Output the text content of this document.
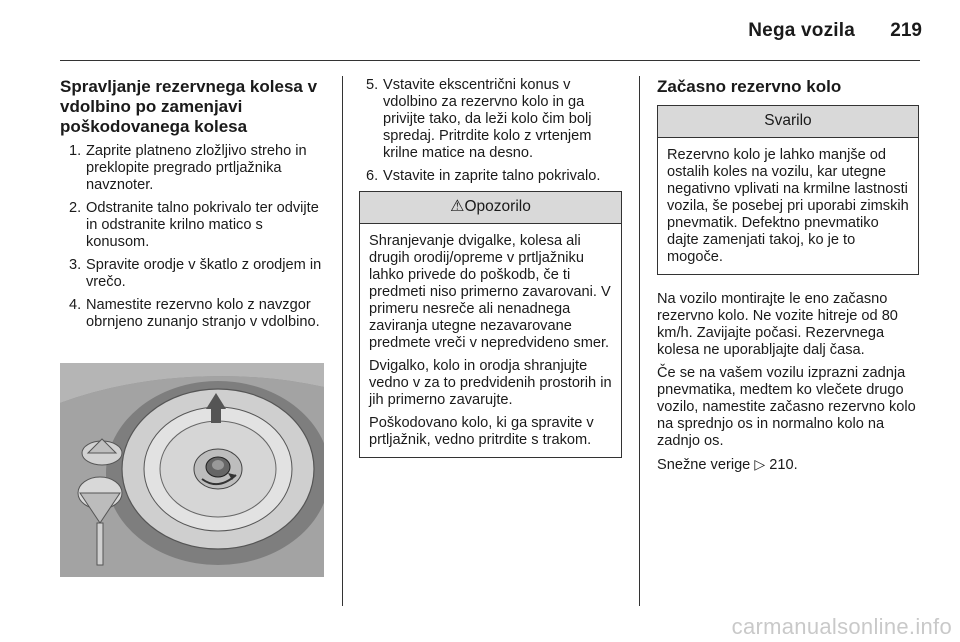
Nega vozila 219
Spravljanje rezervnega kolesa v vdolbino po zamenjavi poškodovanega kolesa
1. Zaprite platneno zložljivo streho in preklopite pregrado prtljažnika navznoter.
2. Odstranite talno pokrivalo ter odvijte in odstranite krilno matico s konusom.
3. Spravite orodje v škatlo z orodjem in vrečo.
4. Namestite rezervno kolo z navzgor obrnjeno zunanjo stranjo v vdolbino.
5. Vstavite ekscentrični konus v vdolbino za rezervno kolo in ga privijte tako, da leži kolo čim bolj spredaj. Pritrdite kolo z vrtenjem krilne matice na desno.
6. Vstavite in zaprite talno pokrivalo.
⚠Opozorilo

Shranjevanje dvigalke, kolesa ali drugih orodij/opreme v prtljažniku lahko privede do poškodb, če ti predmeti niso primerno zavarovani. V primeru nesreče ali nenadnega zaviranja utegne nezavarovane predmete vreči v nepredvideno smer.

Dvigalko, kolo in orodja shranjujte vedno v za to predvidenih prostorih in jih primerno zavarujte.

Poškodovano kolo, ki ga spravite v prtljažnik, vedno pritrdite s trakom.

Začasno rezervno kolo
Svarilo

Rezervno kolo je lahko manjše od ostalih koles na vozilu, kar utegne negativno vplivati na krmilne lastnosti vozila, še posebej pri uporabi zimskih pnevmatik. Defektno pnevmatiko dajte zamenjati takoj, ko je to mogoče.

Na vozilo montirajte le eno začasno rezervno kolo. Ne vozite hitreje od 80 km/h. Zavijajte počasi. Rezervnega kolesa ne uporabljajte dalj časa.

Če se na vašem vozilu izprazni zadnja pnevmatika, medtem ko vlečete drugo vozilo, namestite začasno rezervno kolo na sprednjo os in normalno kolo na zadnjo os.

Snežne verige ▷ 210.

carmanualsonline.info
